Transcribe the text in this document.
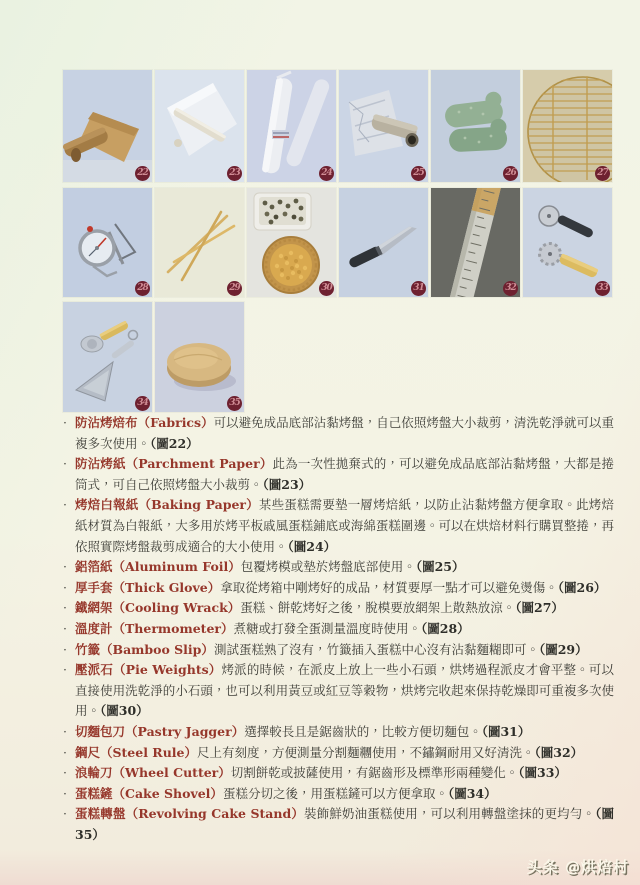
22	23	24	25	26	27
28	29	30	31	32	33
34	35
· 防沾烤焙布（Fabrics）可以避免成品底部沾黏烤盤，自己依照烤盤大小裁剪，清洗乾淨就可以重複多次使用。（圖22）
· 防沾烤紙（Parchment Paper）此為一次性拋棄式的，可以避免成品底部沾黏烤盤，大都是捲筒式，可自己依照烤盤大小裁剪。（圖23）
· 烤焙白報紙（Baking Paper）某些蛋糕需要墊一層烤焙紙，以防止沾黏烤盤方便拿取。此烤焙紙材質為白報紙，大多用於烤平板戚風蛋糕鋪底或海綿蛋糕圍邊。可以在烘焙材料行購買整捲，再依照實際烤盤裁剪成適合的大小使用。（圖24）
· 鋁箔紙（Aluminum Foil）包覆烤模或墊於烤盤底部使用。（圖25）
· 厚手套（Thick Glove）拿取從烤箱中剛烤好的成品，材質要厚一點才可以避免燙傷。（圖26）
· 鐵網架（Cooling Wrack）蛋糕、餅乾烤好之後，脫模要放網架上散熱放涼。（圖27）
· 溫度計（Thermometer）煮糖或打發全蛋測量溫度時使用。（圖28）
· 竹籤（Bamboo Slip）測試蛋糕熟了沒有，竹籤插入蛋糕中心沒有沾黏麵糊即可。（圖29）
· 壓派石（Pie Weights）烤派的時候，在派皮上放上一些小石頭，烘烤過程派皮才會平整。可以直接使用洗乾淨的小石頭，也可以利用黃豆或紅豆等穀物，烘烤完收起來保持乾燥即可重複多次使用。（圖30）
· 切麵包刀（Pastry Jagger）選擇較長且是鋸齒狀的，比較方便切麵包。（圖31）
· 鋼尺（Steel Rule）尺上有刻度，方便測量分割麵糰使用，不鏽鋼耐用又好清洗。（圖32）
· 浪輪刀（Wheel Cutter）切割餅乾或披薩使用，有鋸齒形及標準形兩種變化。（圖33）
· 蛋糕鏟（Cake Shovel）蛋糕分切之後，用蛋糕鏟可以方便拿取。（圖34）
· 蛋糕轉盤（Revolving Cake Stand）裝飾鮮奶油蛋糕使用，可以利用轉盤塗抹的更均勻。（圖35）
头条 @烘焙村
